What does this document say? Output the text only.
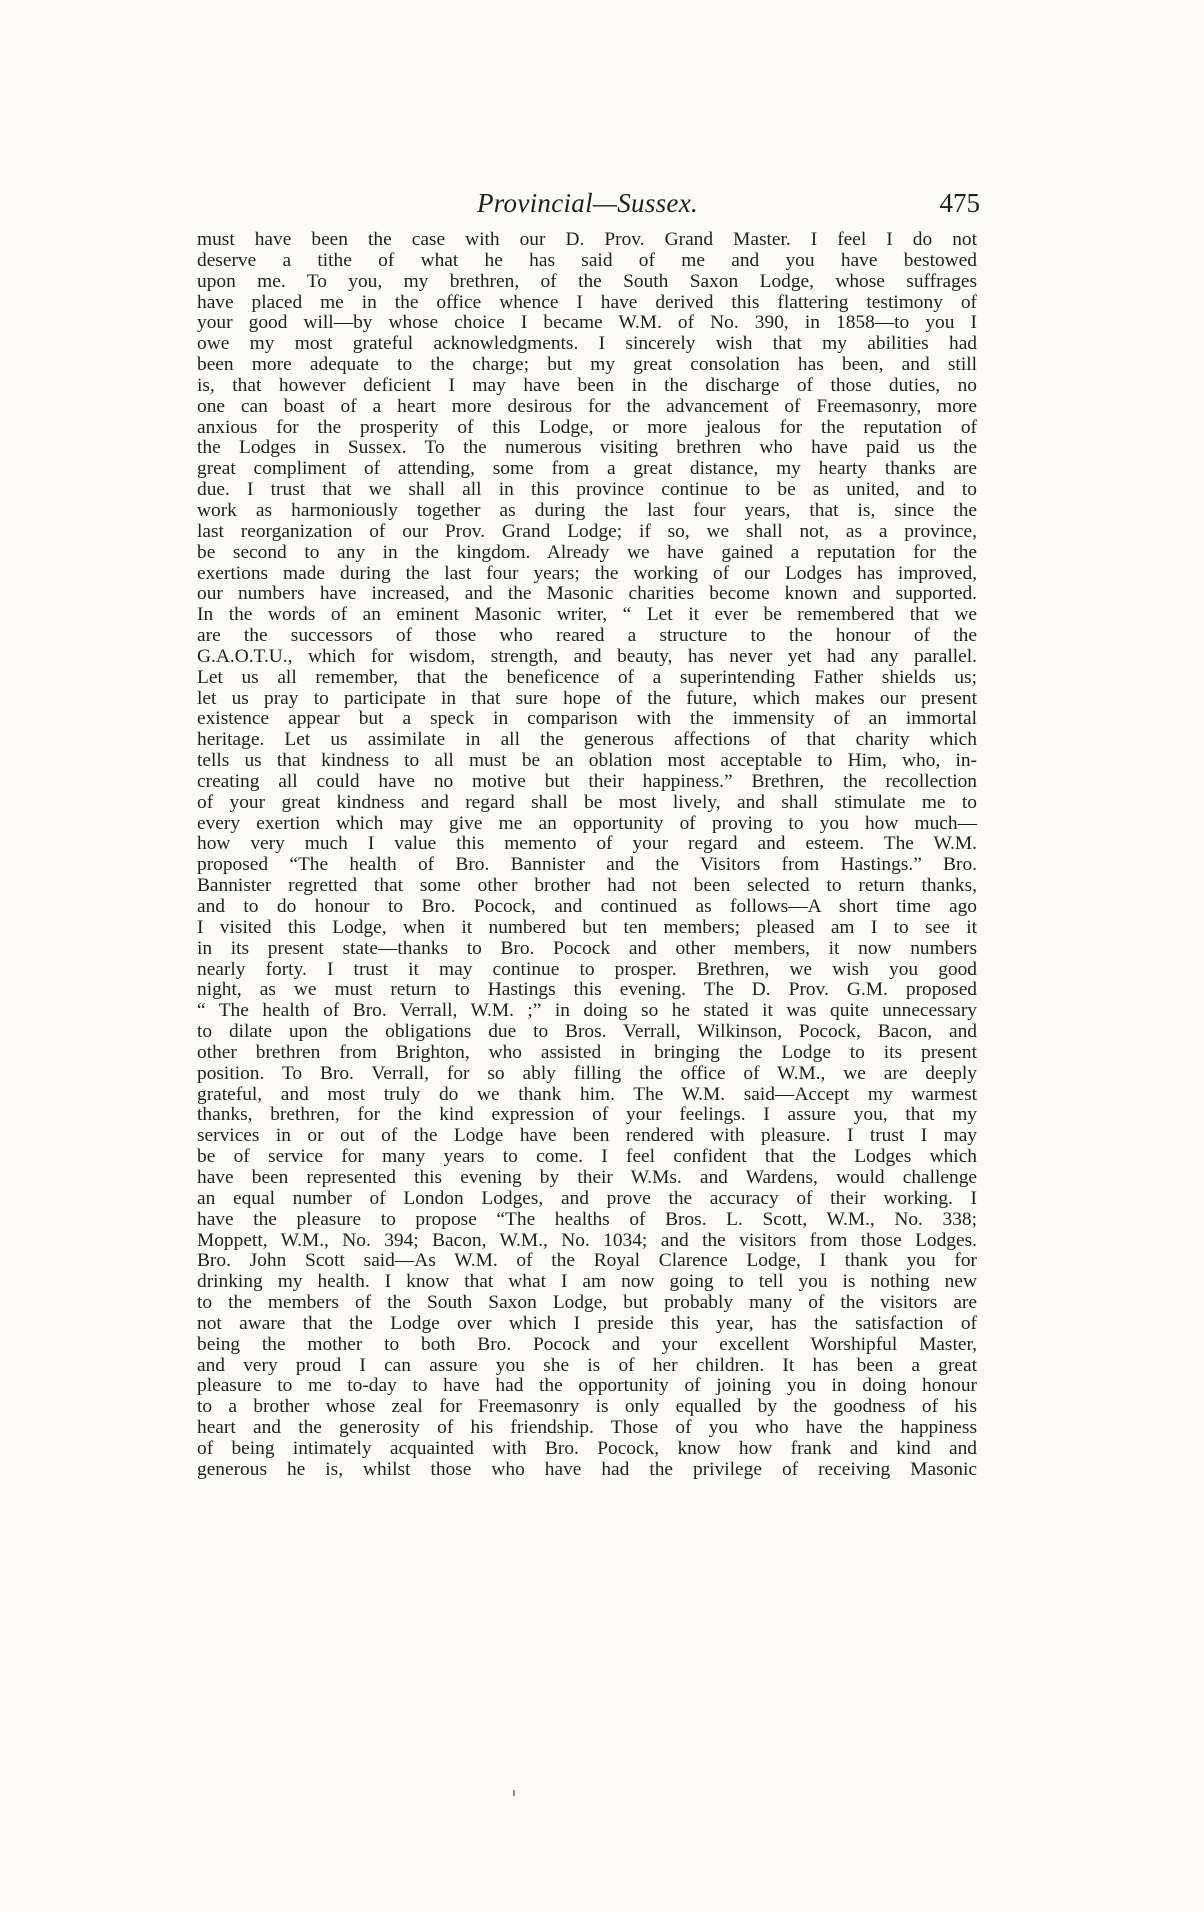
Provincial—Sussex.	475
must have been the case with our D. Prov. Grand Master. I feel I do not
deserve a tithe of what he has said of me and you have bestowed
upon me. To you, my brethren, of the South Saxon Lodge, whose suffrages
have placed me in the office whence I have derived this flattering testimony of
your good will—by whose choice I became W.M. of No. 390, in 1858—to you I
owe my most grateful acknowledgments. I sincerely wish that my abilities had
been more adequate to the charge; but my great consolation has been, and still
is, that however deficient I may have been in the discharge of those duties, no
one can boast of a heart more desirous for the advancement of Freemasonry, more
anxious for the prosperity of this Lodge, or more jealous for the reputation of
the Lodges in Sussex. To the numerous visiting brethren who have paid us the
great compliment of attending, some from a great distance, my hearty thanks are
due. I trust that we shall all in this province continue to be as united, and to
work as harmoniously together as during the last four years, that is, since the
last reorganization of our Prov. Grand Lodge; if so, we shall not, as a province,
be second to any in the kingdom. Already we have gained a reputation for the
exertions made during the last four years; the working of our Lodges has improved,
our numbers have increased, and the Masonic charities become known and supported.
In the words of an eminent Masonic writer, “ Let it ever be remembered that we
are the successors of those who reared a structure to the honour of the
G.A.O.T.U., which for wisdom, strength, and beauty, has never yet had any parallel.
Let us all remember, that the beneficence of a superintending Father shields us;
let us pray to participate in that sure hope of the future, which makes our present
existence appear but a speck in comparison with the immensity of an immortal
heritage. Let us assimilate in all the generous affections of that charity which
tells us that kindness to all must be an oblation most acceptable to Him, who, in-
creating all could have no motive but their happiness.” Brethren, the recollection
of your great kindness and regard shall be most lively, and shall stimulate me to
every exertion which may give me an opportunity of proving to you how much—
how very much I value this memento of your regard and esteem. The W.M.
proposed “The health of Bro. Bannister and the Visitors from Hastings.” Bro.
Bannister regretted that some other brother had not been selected to return thanks,
and to do honour to Bro. Pocock, and continued as follows—A short time ago
I visited this Lodge, when it numbered but ten members; pleased am I to see it
in its present state—thanks to Bro. Pocock and other members, it now numbers
nearly forty. I trust it may continue to prosper. Brethren, we wish you good
night, as we must return to Hastings this evening. The D. Prov. G.M. proposed
“ The health of Bro. Verrall, W.M. ;” in doing so he stated it was quite unnecessary
to dilate upon the obligations due to Bros. Verrall, Wilkinson, Pocock, Bacon, and
other brethren from Brighton, who assisted in bringing the Lodge to its present
position. To Bro. Verrall, for so ably filling the office of W.M., we are deeply
grateful, and most truly do we thank him. The W.M. said—Accept my warmest
thanks, brethren, for the kind expression of your feelings. I assure you, that my
services in or out of the Lodge have been rendered with pleasure. I trust I may
be of service for many years to come. I feel confident that the Lodges which
have been represented this evening by their W.Ms. and Wardens, would challenge
an equal number of London Lodges, and prove the accuracy of their working. I
have the pleasure to propose “The healths of Bros. L. Scott, W.M., No. 338;
Moppett, W.M., No. 394; Bacon, W.M., No. 1034; and the visitors from those Lodges.
Bro. John Scott said—As W.M. of the Royal Clarence Lodge, I thank you for
drinking my health. I know that what I am now going to tell you is nothing new
to the members of the South Saxon Lodge, but probably many of the visitors are
not aware that the Lodge over which I preside this year, has the satisfaction of
being the mother to both Bro. Pocock and your excellent Worshipful Master,
and very proud I can assure you she is of her children. It has been a great
pleasure to me to-day to have had the opportunity of joining you in doing honour
to a brother whose zeal for Freemasonry is only equalled by the goodness of his
heart and the generosity of his friendship. Those of you who have the happiness
of being intimately acquainted with Bro. Pocock, know how frank and kind and
generous he is, whilst those who have had the privilege of receiving Masonic
